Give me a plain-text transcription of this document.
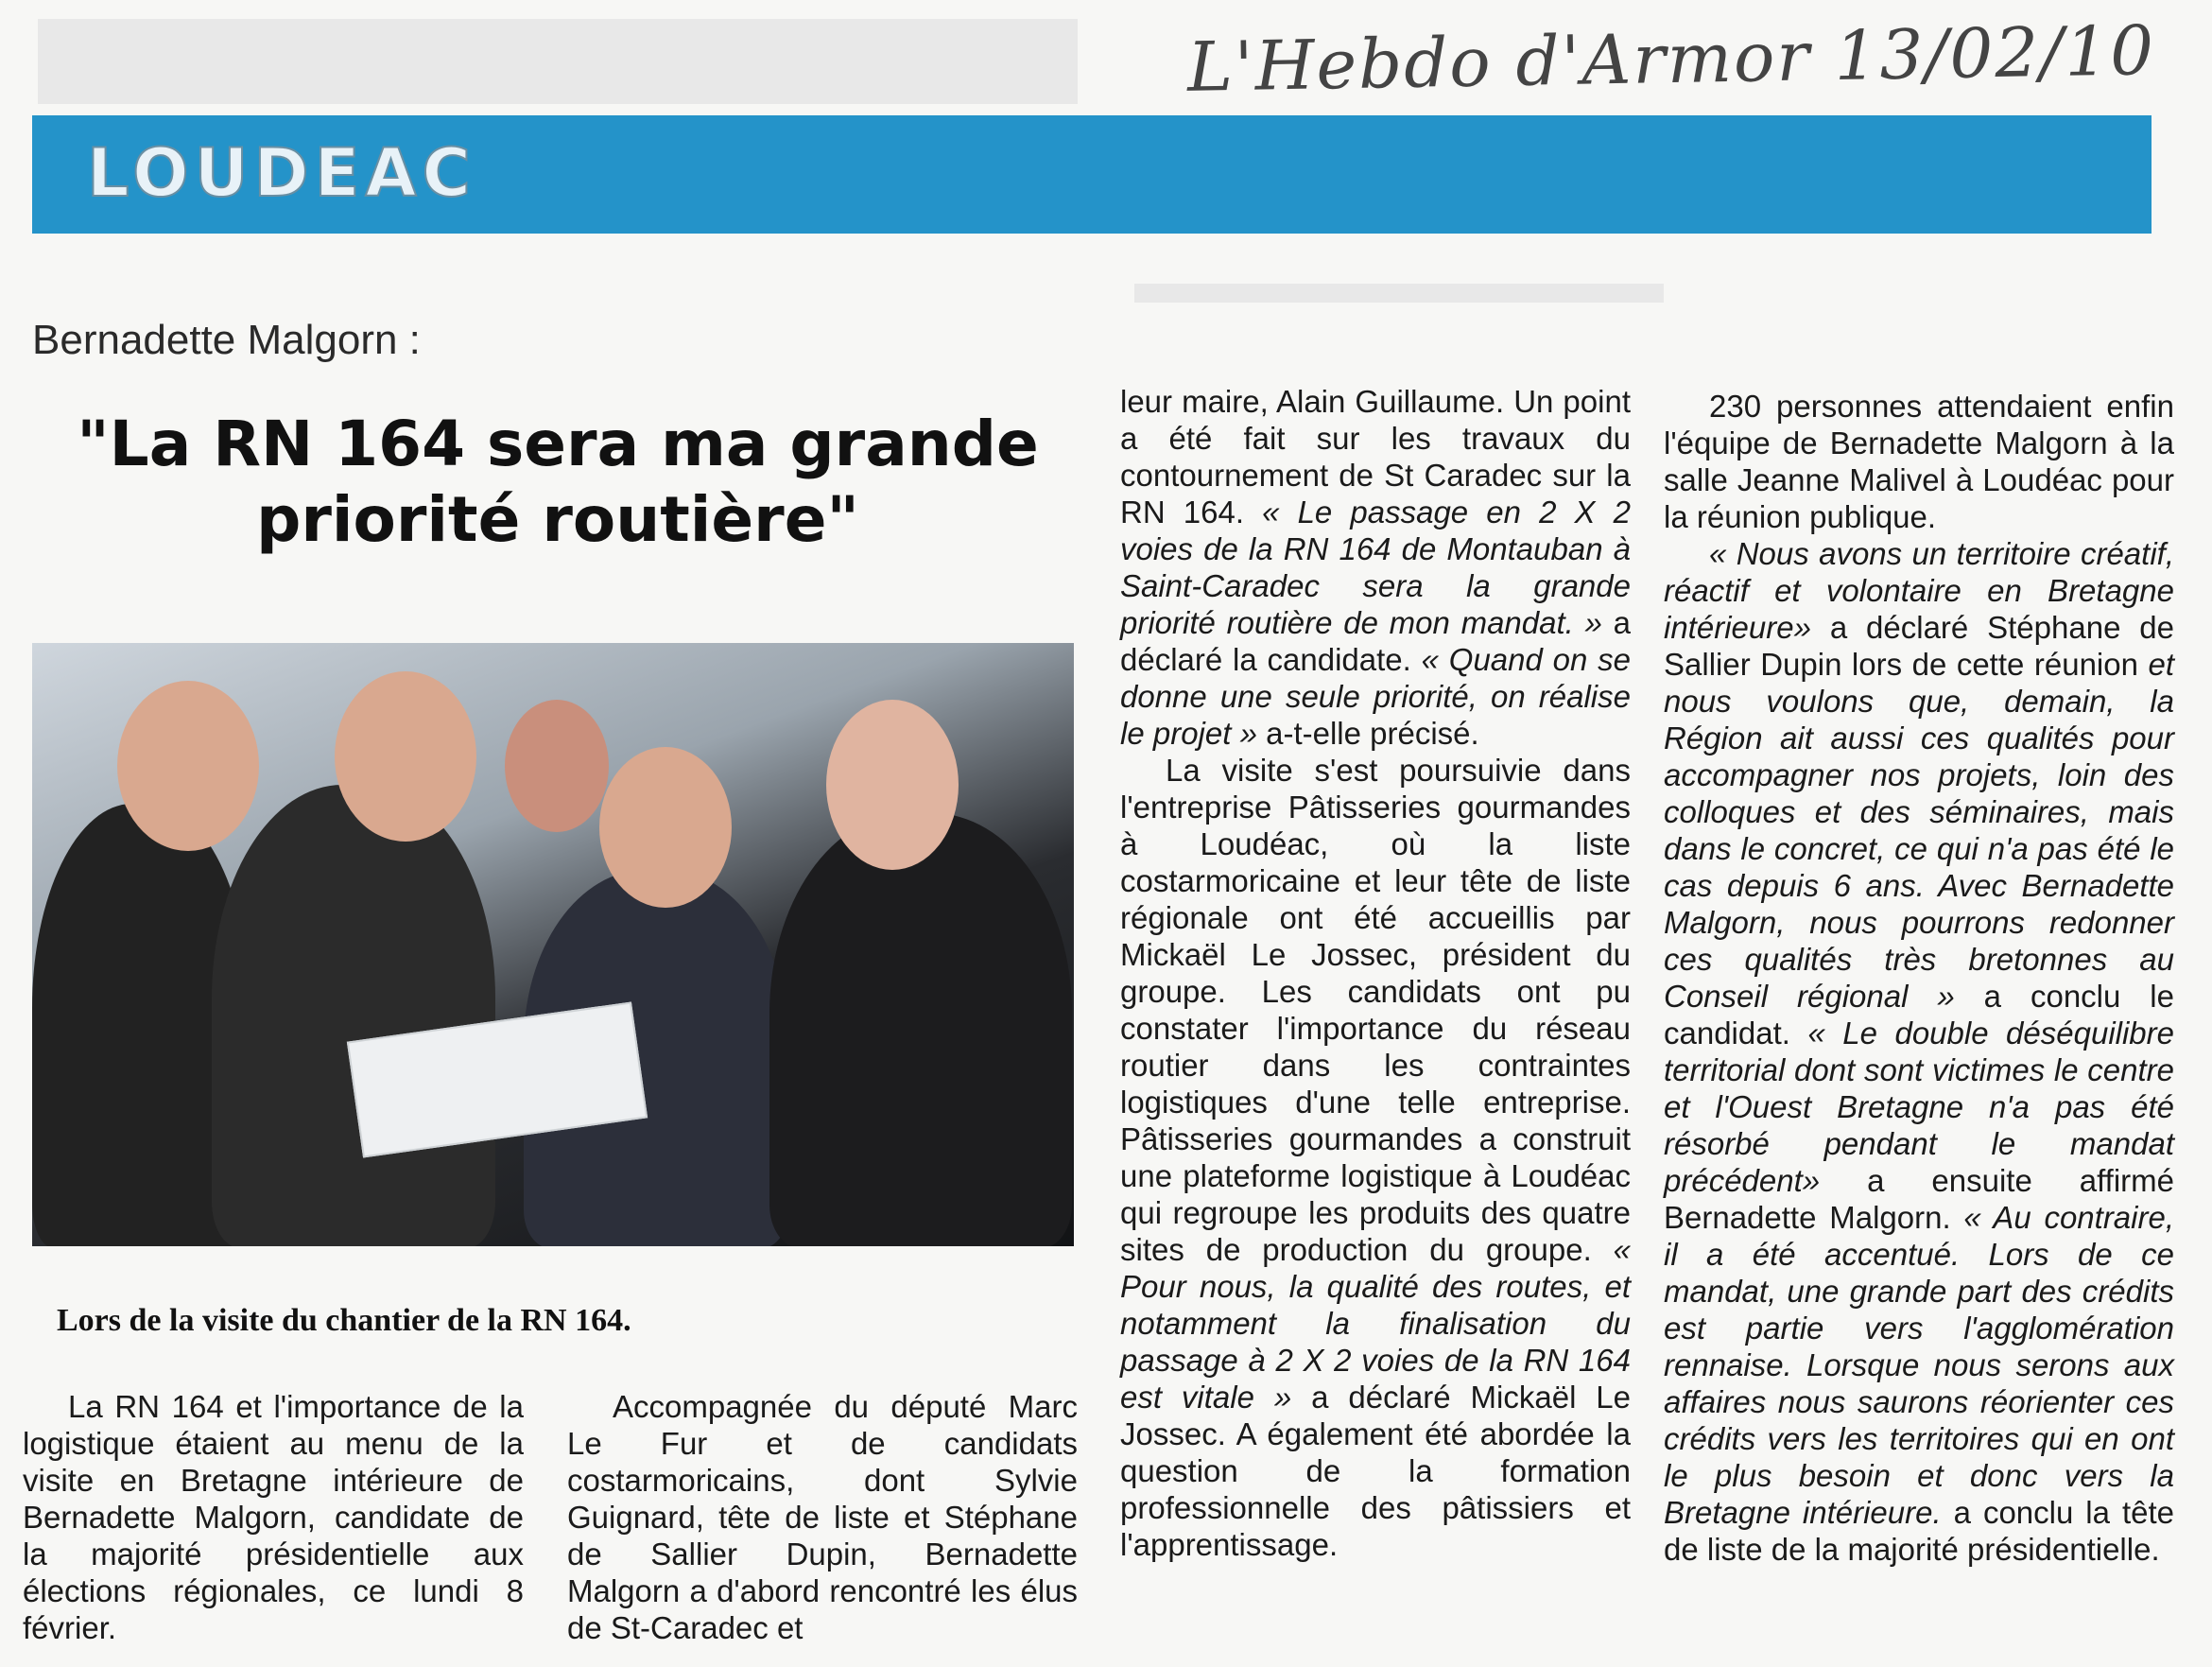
L'Hebdo d'Armor 13/02/10
LOUDEAC
Bernadette Malgorn :
"La RN 164 sera ma grande
priorité routière"
Lors de la visite du chantier de la RN 164.

La RN 164 et l'importance de la logistique étaient au menu de la visite en Bretagne intérieure de Bernadette Malgorn, candidate de la majorité présidentielle aux élections régionales, ce lundi 8 février.

Accompagnée du député Marc Le Fur et de candidats costarmoricains, dont Sylvie Guignard, tête de liste et Stéphane de Sallier Dupin, Bernadette Malgorn a d'abord rencontré les élus de St-Caradec et

leur maire, Alain Guillaume. Un point a été fait sur les travaux du contournement de St Caradec sur la RN 164. « Le passage en 2 X 2 voies de la RN 164 de Montauban à Saint-Caradec sera la grande priorité routière de mon mandat. » a déclaré la candidate. « Quand on se donne une seule priorité, on réalise le projet » a-t-elle précisé.

La visite s'est poursuivie dans l'entreprise Pâtisseries gourmandes à Loudéac, où la liste costarmoricaine et leur tête de liste régionale ont été accueillis par Mickaël Le Jossec, président du groupe. Les candidats ont pu constater l'importance du réseau routier dans les contraintes logistiques d'une telle entreprise. Pâtisseries gourmandes a construit une plateforme logistique à Loudéac qui regroupe les produits des quatre sites de production du groupe. « Pour nous, la qualité des routes, et notamment la finalisation du passage à 2 X 2 voies de la RN 164 est vitale » a déclaré Mickaël Le Jossec. A également été abordée la question de la formation professionnelle des pâtissiers et l'apprentissage.

230 personnes attendaient enfin l'équipe de Bernadette Malgorn à la salle Jeanne Malivel à Loudéac pour la réunion publique.

« Nous avons un territoire créatif, réactif et volontaire en Bretagne intérieure» a déclaré Stéphane de Sallier Dupin lors de cette réunion et nous voulons que, demain, la Région ait aussi ces qualités pour accompagner nos projets, loin des colloques et des séminaires, mais dans le concret, ce qui n'a pas été le cas depuis 6 ans. Avec Bernadette Malgorn, nous pourrons redonner ces qualités très bretonnes au Conseil régional » a conclu le candidat. « Le double déséquilibre territorial dont sont victimes le centre et l'Ouest Bretagne n'a pas été résorbé pendant le mandat précédent» a ensuite affirmé Bernadette Malgorn. « Au contraire, il a été accentué. Lors de ce mandat, une grande part des crédits est partie vers l'agglomération rennaise. Lorsque nous serons aux affaires nous saurons réorienter ces crédits vers les territoires qui en ont le plus besoin et donc vers la Bretagne intérieure. a conclu la tête de liste de la majorité présidentielle.
